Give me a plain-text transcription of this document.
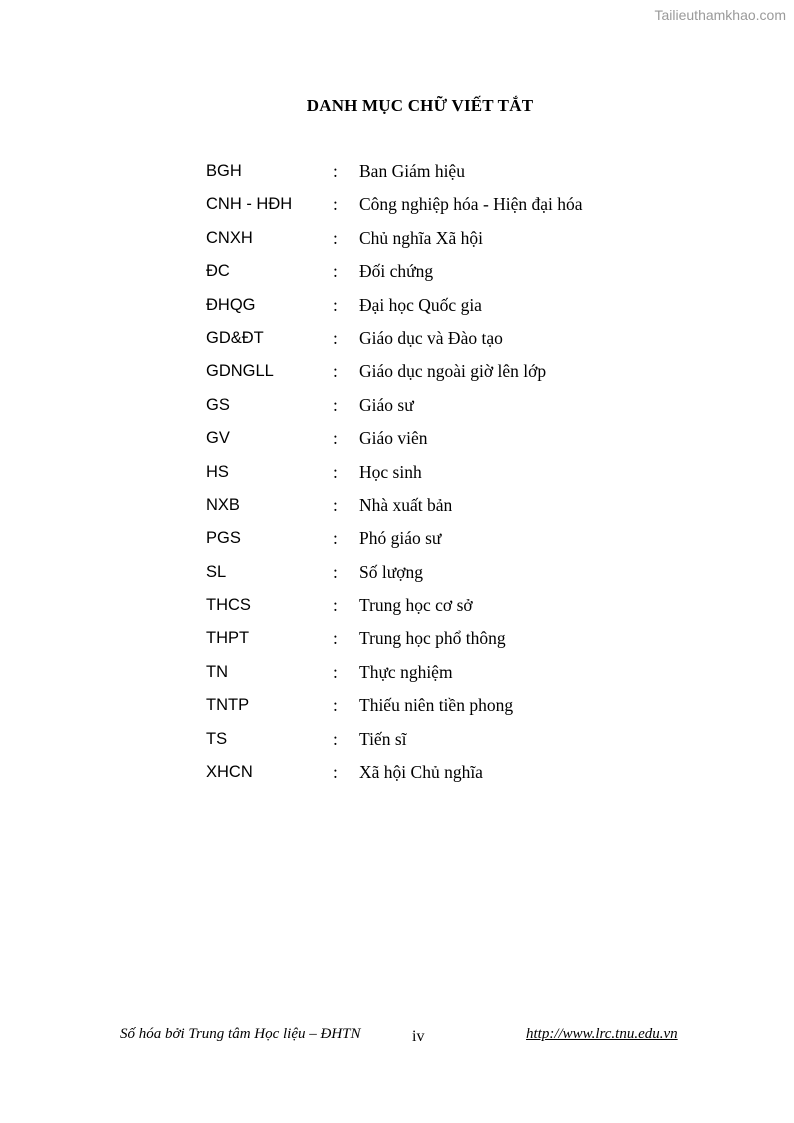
Tailieuthamkhao.com
DANH MỤC CHỮ VIẾT TẮT
BGH	: Ban Giám hiệu
CNH - HĐH : Công nghiệp hóa - Hiện đại hóa
CNXH	: Chủ nghĩa Xã hội
ĐC	: Đối chứng
ĐHQG	: Đại học Quốc gia
GD&ĐT	: Giáo dục và Đào tạo
GDNGLL	: Giáo dục ngoài giờ lên lớp
GS	: Giáo sư
GV	: Giáo viên
HS	: Học sinh
NXB	: Nhà xuất bản
PGS	: Phó giáo sư
SL	: Số lượng
THCS	: Trung học cơ sở
THPT	: Trung học phổ thông
TN	: Thực nghiệm
TNTP	: Thiếu niên tiền phong
TS	: Tiến sĩ
XHCN	: Xã hội Chủ nghĩa
Số hóa bởi Trung tâm Học liệu – ĐHTN	iv	http://www.lrc.tnu.edu.vn
